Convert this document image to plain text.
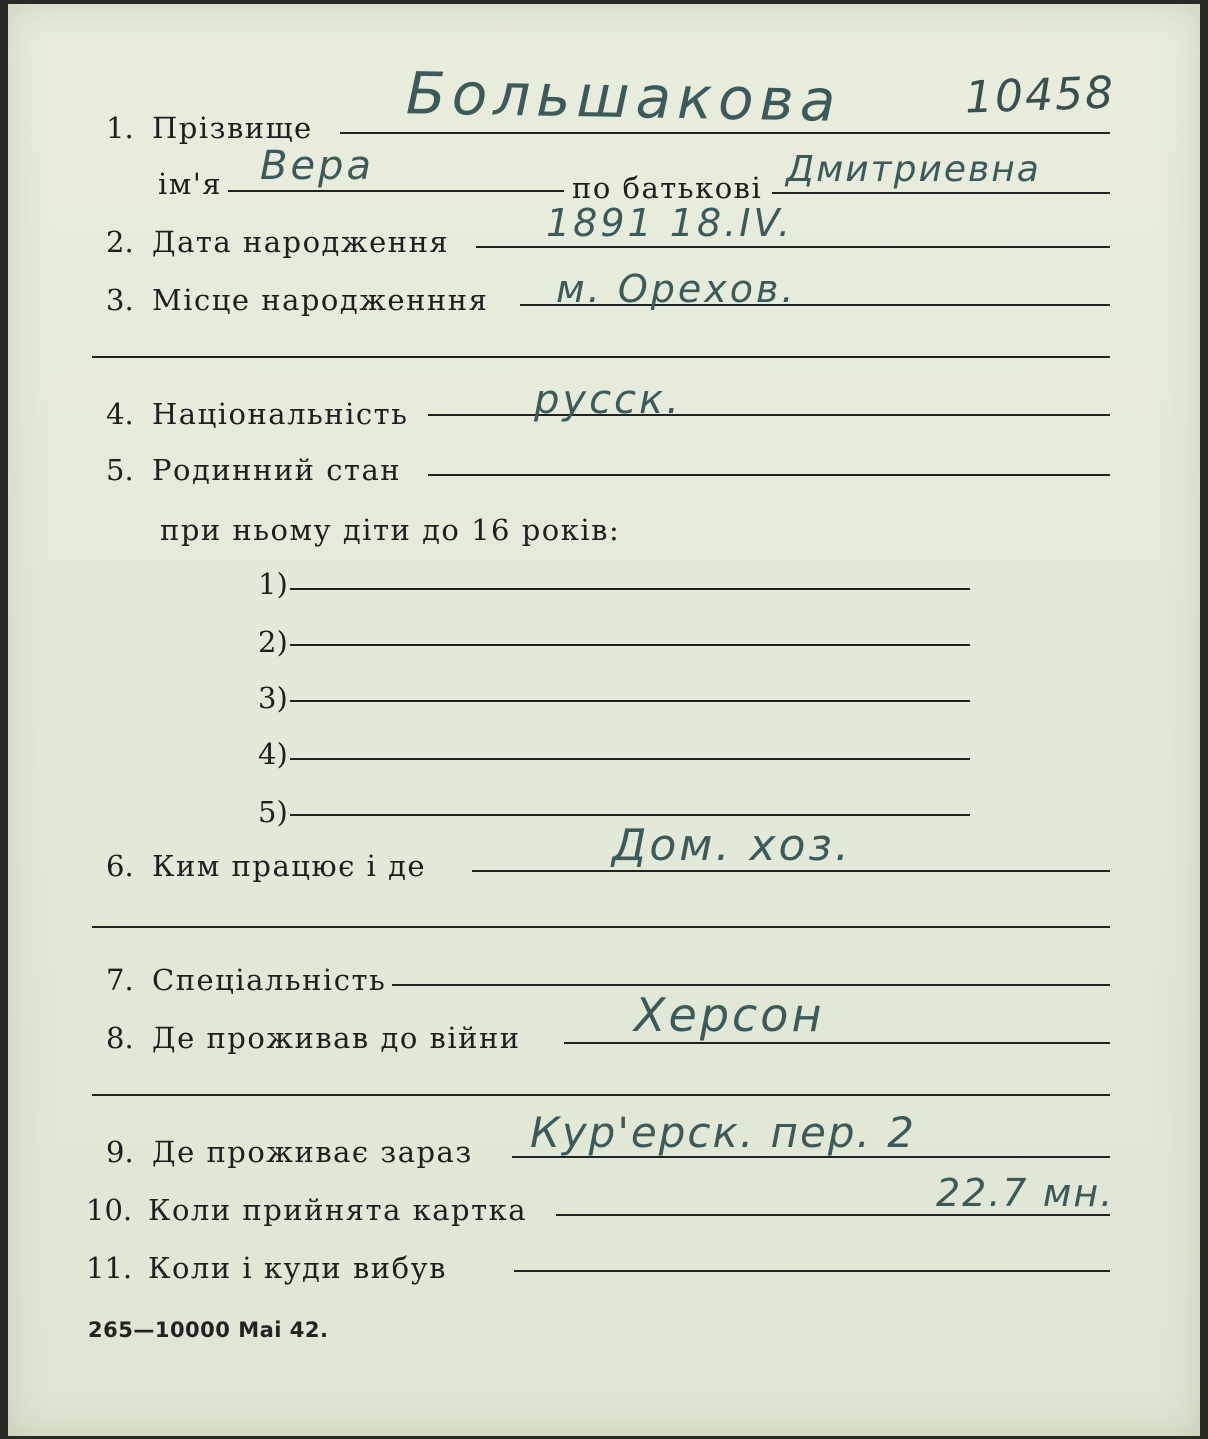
10458
1. Прізвище Большакова
ім'я Вера	по батькові Дмитриевна
2. Дата народження	1891 18.IV.
3. Місце народженння м. Орехов.
4. Національність	русск.
5. Родинний стан
при ньому діти до 16 років:
1)
2)
3)
4)
5)
6. Ким працює і де	Дом. хоз.
7. Спеціальність
8. Де проживав до війни Херсон
9. Де проживає зараз Кур'ерск. пер. 2
10. Коли прийнята картка	22.7 мн.
11. Коли і куди вибув
265—10000 Mai 42.
